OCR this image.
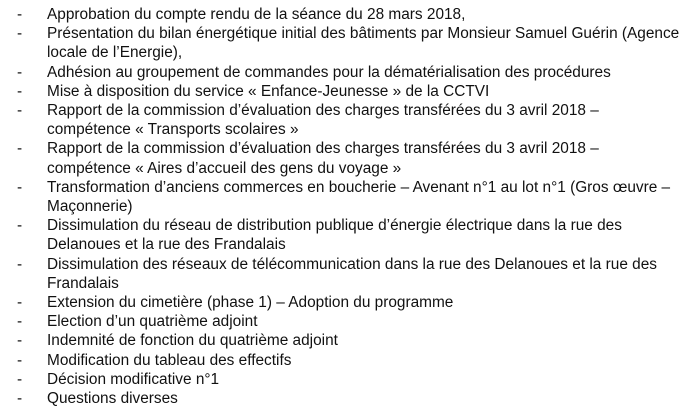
- Approbation du compte rendu de la séance du 28 mars 2018,
- Présentation du bilan énergétique initial des bâtiments par Monsieur Samuel Guérin (Agence locale de l’Energie),
- Adhésion au groupement de commandes pour la dématérialisation des procédures
- Mise à disposition du service « Enfance-Jeunesse » de la CCTVI
- Rapport de la commission d’évaluation des charges transférées du 3 avril 2018 – compétence « Transports scolaires »
- Rapport de la commission d’évaluation des charges transférées du 3 avril 2018 – compétence « Aires d’accueil des gens du voyage »
- Transformation d’anciens commerces en boucherie – Avenant n°1 au lot n°1 (Gros œuvre – Maçonnerie)
- Dissimulation du réseau de distribution publique d’énergie électrique dans la rue des Delanoues et la rue des Frandalais
- Dissimulation des réseaux de télécommunication dans la rue des Delanoues et la rue des Frandalais
- Extension du cimetière (phase 1) – Adoption du programme
- Election d’un quatrième adjoint
- Indemnité de fonction du quatrième adjoint
- Modification du tableau des effectifs
- Décision modificative n°1
- Questions diverses
